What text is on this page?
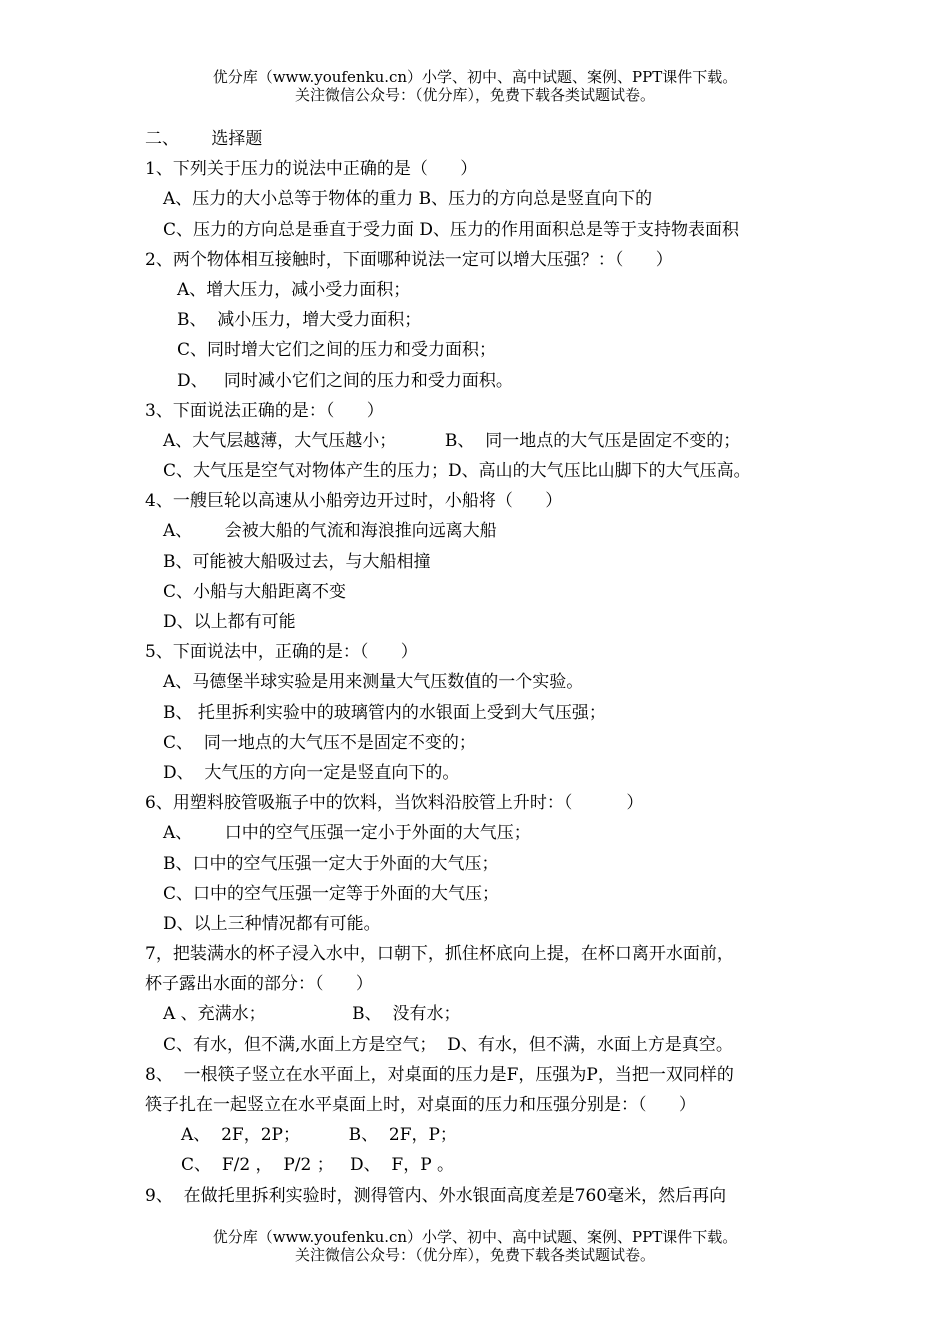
优分库（www.youfenku.cn）小学、初中、高中试题、案例、PPT课件下载。
关注微信公众号：（优分库），免费下载各类试题试卷。
二、      选择题
1、下列关于压力的说法中正确的是（      ）
A、压力的大小总等于物体的重力 B、压力的方向总是竖直向下的
C、压力的方向总是垂直于受力面 D、压力的作用面积总是等于支持物表面积
2、两个物体相互接触时，下面哪种说法一定可以增大压强？：（      ）
A、增大压力，减小受力面积；
B、  减小压力，增大受力面积；
C、同时增大它们之间的压力和受力面积；
D、   同时减小它们之间的压力和受力面积。
3、下面说法正确的是：（      ）
A、大气层越薄，大气压越小；         B、  同一地点的大气压是固定不变的；
C、大气压是空气对物体产生的压力；D、高山的大气压比山脚下的大气压高。
4、一艘巨轮以高速从小船旁边开过时，小船将（      ）
A、      会被大船的气流和海浪推向远离大船
B、可能被大船吸过去，与大船相撞
C、小船与大船距离不变
D、以上都有可能
5、下面说法中，正确的是：（      ）
A、马德堡半球实验是用来测量大气压数值的一个实验。
B、 托里拆利实验中的玻璃管内的水银面上受到大气压强；
C、  同一地点的大气压不是固定不变的；
D、  大气压的方向一定是竖直向下的。
6、用塑料胶管吸瓶子中的饮料，当饮料沿胶管上升时：（          ）
A、      口中的空气压强一定小于外面的大气压；
B、口中的空气压强一定大于外面的大气压；
C、口中的空气压强一定等于外面的大气压；
D、以上三种情况都有可能。
7，把装满水的杯子浸入水中，口朝下，抓住杯底向上提，在杯口离开水面前，
杯子露出水面的部分：（      ）
A 、充满水；                B、  没有水；
C、有水，但不满,水面上方是空气；  D、有水，但不满，水面上方是真空。
8、  一根筷子竖立在水平面上，对桌面的压力是F，压强为P，当把一双同样的
筷子扎在一起竖立在水平桌面上时，对桌面的压力和压强分别是：（      ）
A、  2F，2P；         B、  2F，P；
C、  F/2 ，  P/2 ；   D、  F，P 。
9、  在做托里拆利实验时，测得管内、外水银面高度差是760毫米，然后再向
优分库（www.youfenku.cn）小学、初中、高中试题、案例、PPT课件下载。
关注微信公众号：（优分库），免费下载各类试题试卷。
